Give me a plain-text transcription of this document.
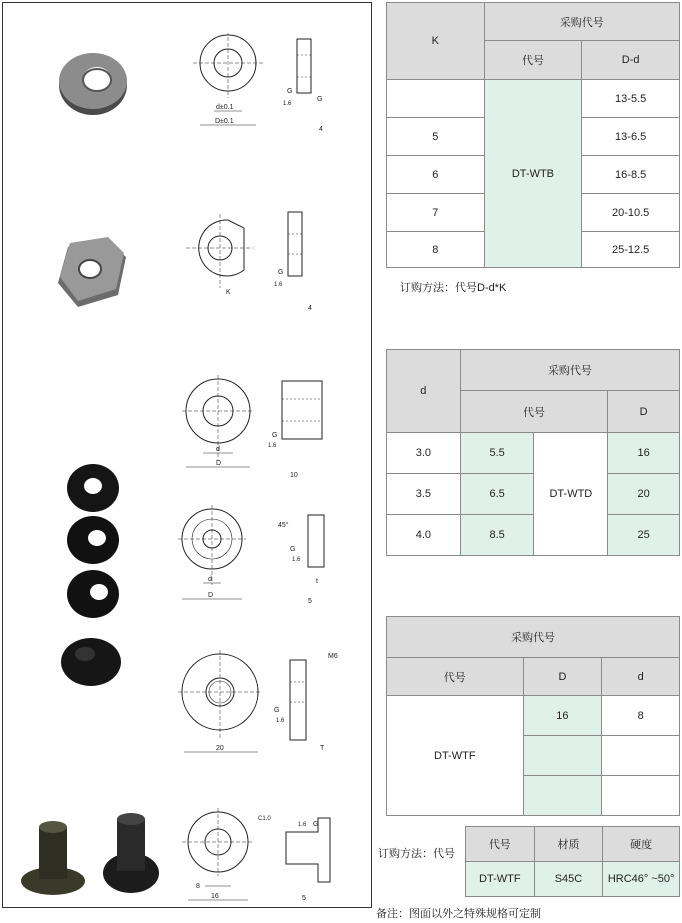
d±0.1
D±0.1
1.6
G
G
4
K
1.6
G
4
d
D
1.6
G
10
d
D
45°
1.6
G
t
5
20
M6
1.6
G
T
8
16
C1.0
1.6 G
5
K	采购代号	
	代号	D-d
	DT-WTB	13-5.5
5		13-6.5
6		16-8.5
7		20-10.5
8		25-12.5
订购方法：代号D-d*K
d	采购代号		
	代号		D
3.0	5.5	DT-WTD	16
3.5	6.5		20
4.0	8.5		25
采购代号		
代号	D	d
DT-WTF	16	8

订购方法：代号
代号	材质	硬度
DT-WTF	S45C	HRC46° ~50°
备注：图面以外之特殊规格可定制
